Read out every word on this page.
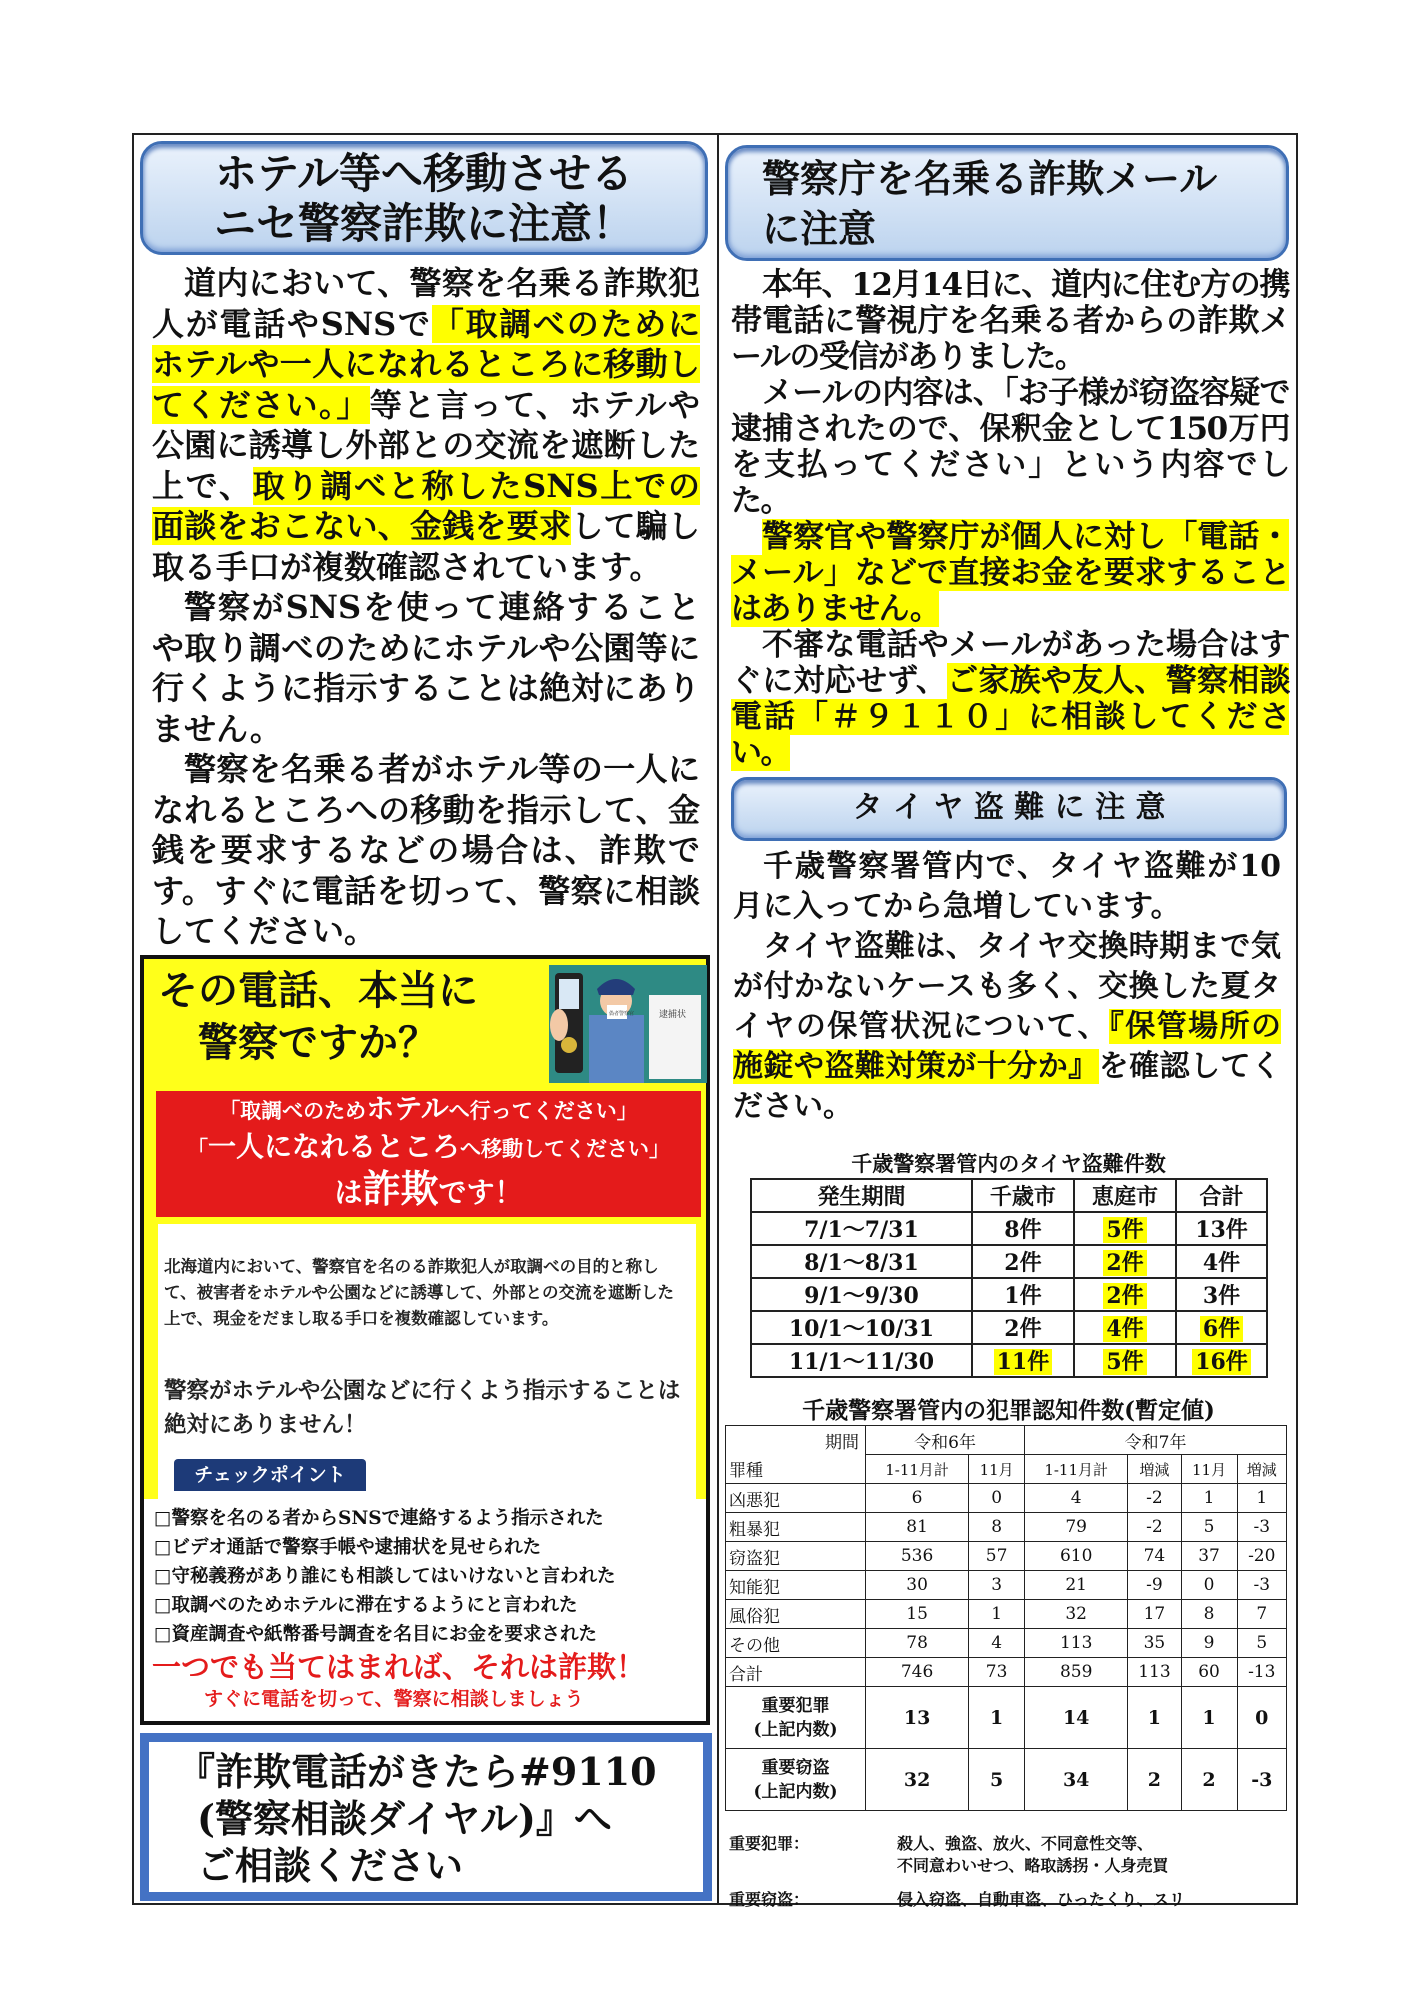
ホテル等へ移動させる
ニセ警察詐欺に注意！

道内において、警察を名乗る詐欺犯人が電話やSNSで「取調べのためにホテルや一人になれるところに移動してください。」等と言って、ホテルや公園に誘導し外部との交流を遮断した上で、取り調べと称したSNS上での面談をおこない、金銭を要求して騙し取る手口が複数確認されています。

警察がSNSを使って連絡することや取り調べのためにホテルや公園等に行くように指示することは絶対にありません。

警察を名乗る者がホテル等の一人になれるところへの移動を指示して、金銭を要求するなどの場合は、詐欺です。すぐに電話を切って、警察に相談してください。

その電話、本当に
警察ですか？
逮捕状
偽者警察官
「取調べのためホテルへ行ってください」
「一人になれるところへ移動してください」
は詐欺です！
北海道内において、警察官を名のる詐欺犯人が取調べの目的と称して、被害者をホテルや公園などに誘導して、外部との交流を遮断した上で、現金をだまし取る手口を複数確認しています。
警察がホテルや公園などに行くよう指示することは絶対にありません！
チェックポイント
□警察を名のる者からSNSで連絡するよう指示された
□ビデオ通話で警察手帳や逮捕状を見せられた
□守秘義務があり誰にも相談してはいけないと言われた
□取調べのためホテルに滞在するようにと言われた
□資産調査や紙幣番号調査を名目にお金を要求された
一つでも当てはまれば、それは詐欺！
すぐに電話を切って、警察に相談しましょう
『詐欺電話がきたら#9110
(警察相談ダイヤル)』へ
ご相談ください
警察庁を名乗る詐欺メール
に注意

本年、12月14日に、道内に住む方の携帯電話に警視庁を名乗る者からの詐欺メールの受信がありました。

メールの内容は、「お子様が窃盗容疑で逮捕されたので、保釈金として150万円を支払ってください」という内容でした。

警察官や警察庁が個人に対し「電話・メール」などで直接お金を要求することはありません。

不審な電話やメールがあった場合はすぐに対応せず、ご家族や友人、警察相談電話「＃９１１０」に相談してください。

タ イ ヤ 盗 難 に 注 意

千歳警察署管内で、タイヤ盗難が10月に入ってから急増しています。

タイヤ盗難は、タイヤ交換時期まで気が付かないケースも多く、交換した夏タイヤの保管状況について、『保管場所の施錠や盗難対策が十分か』を確認してください。

千歳警察署管内のタイヤ盗難件数
発生期間	千歳市	恵庭市	合計
7/1～7/31	8件	5件	13件
8/1～8/31	2件	2件	4件
9/1～9/30	1件	2件	3件
10/1～10/31	2件	4件	6件
11/1～11/30	11件	5件	16件
千歳警察署管内の犯罪認知件数(暫定値)
期間	令和6年		令和7年			
罪種	1-11月計	11月	1-11月計	増減	11月	増減
凶悪犯	6	0	4	-2	1	1
粗暴犯	81	8	79	-2	5	-3
窃盗犯	536	57	610	74	37	-20
知能犯	30	3	21	-9	0	-3
風俗犯	15	1	32	17	8	7
その他	78	4	113	35	9	5
合計	746	73	859	113	60	-13

重要犯罪
(上記内数)	13	1	14	1	1	0

重要窃盗
(上記内数)	32	5	34	2	2	-3
重要犯罪：	殺人、強盗、放火、不同意性交等、
不同意わいせつ、略取誘拐・人身売買
重要窃盗：	侵入窃盗、自動車盗、ひったくり、スリ
